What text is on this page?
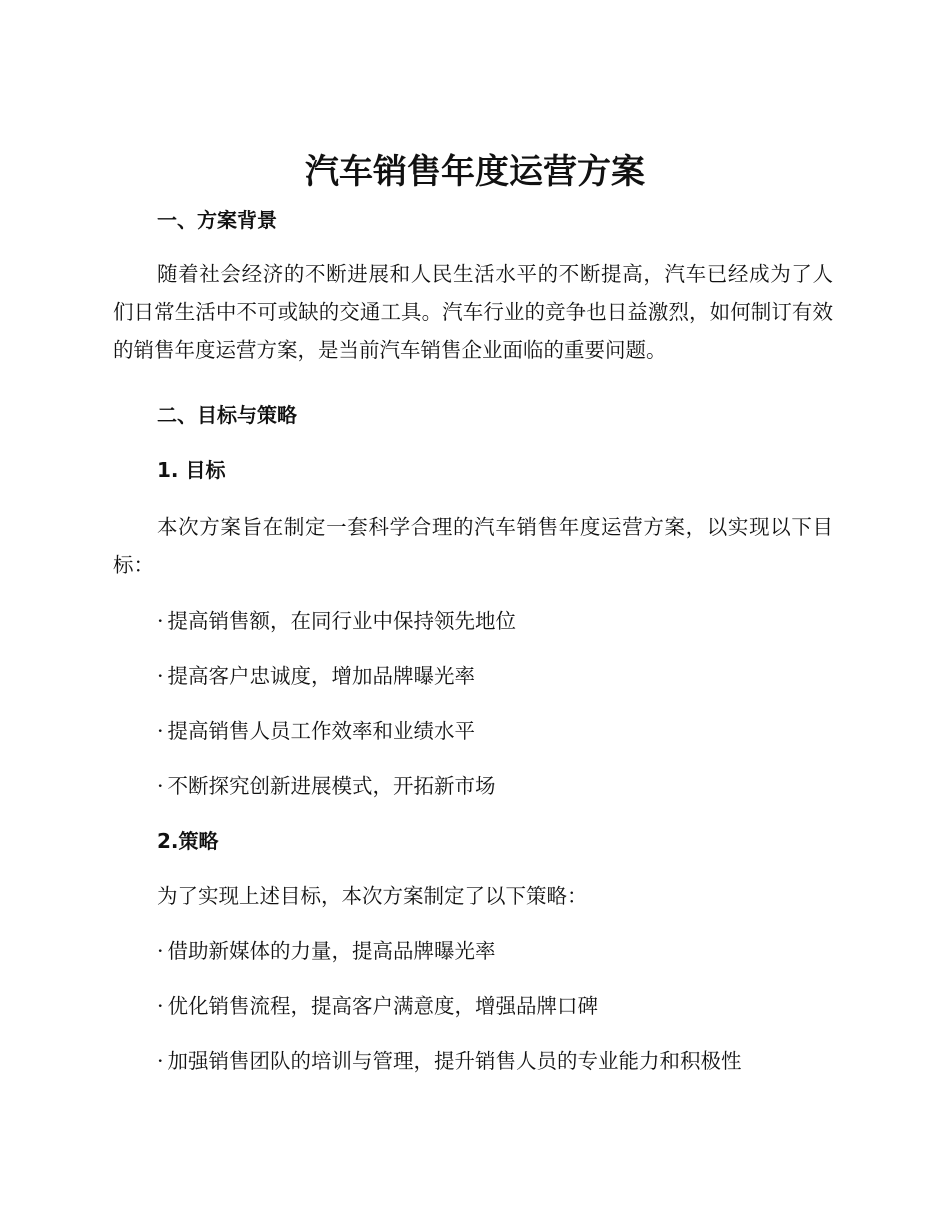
汽车销售年度运营方案
一、方案背景
随着社会经济的不断进展和人民生活水平的不断提高，汽车已经成为了人们日常生活中不可或缺的交通工具。汽车行业的竞争也日益激烈，如何制订有效的销售年度运营方案，是当前汽车销售企业面临的重要问题。
二、目标与策略
1. 目标
本次方案旨在制定一套科学合理的汽车销售年度运营方案，以实现以下目标：
· 提高销售额，在同行业中保持领先地位
· 提高客户忠诚度，增加品牌曝光率
· 提高销售人员工作效率和业绩水平
· 不断探究创新进展模式，开拓新市场
2.策略
为了实现上述目标，本次方案制定了以下策略：
· 借助新媒体的力量，提高品牌曝光率
· 优化销售流程，提高客户满意度，增强品牌口碑
· 加强销售团队的培训与管理，提升销售人员的专业能力和积极性
